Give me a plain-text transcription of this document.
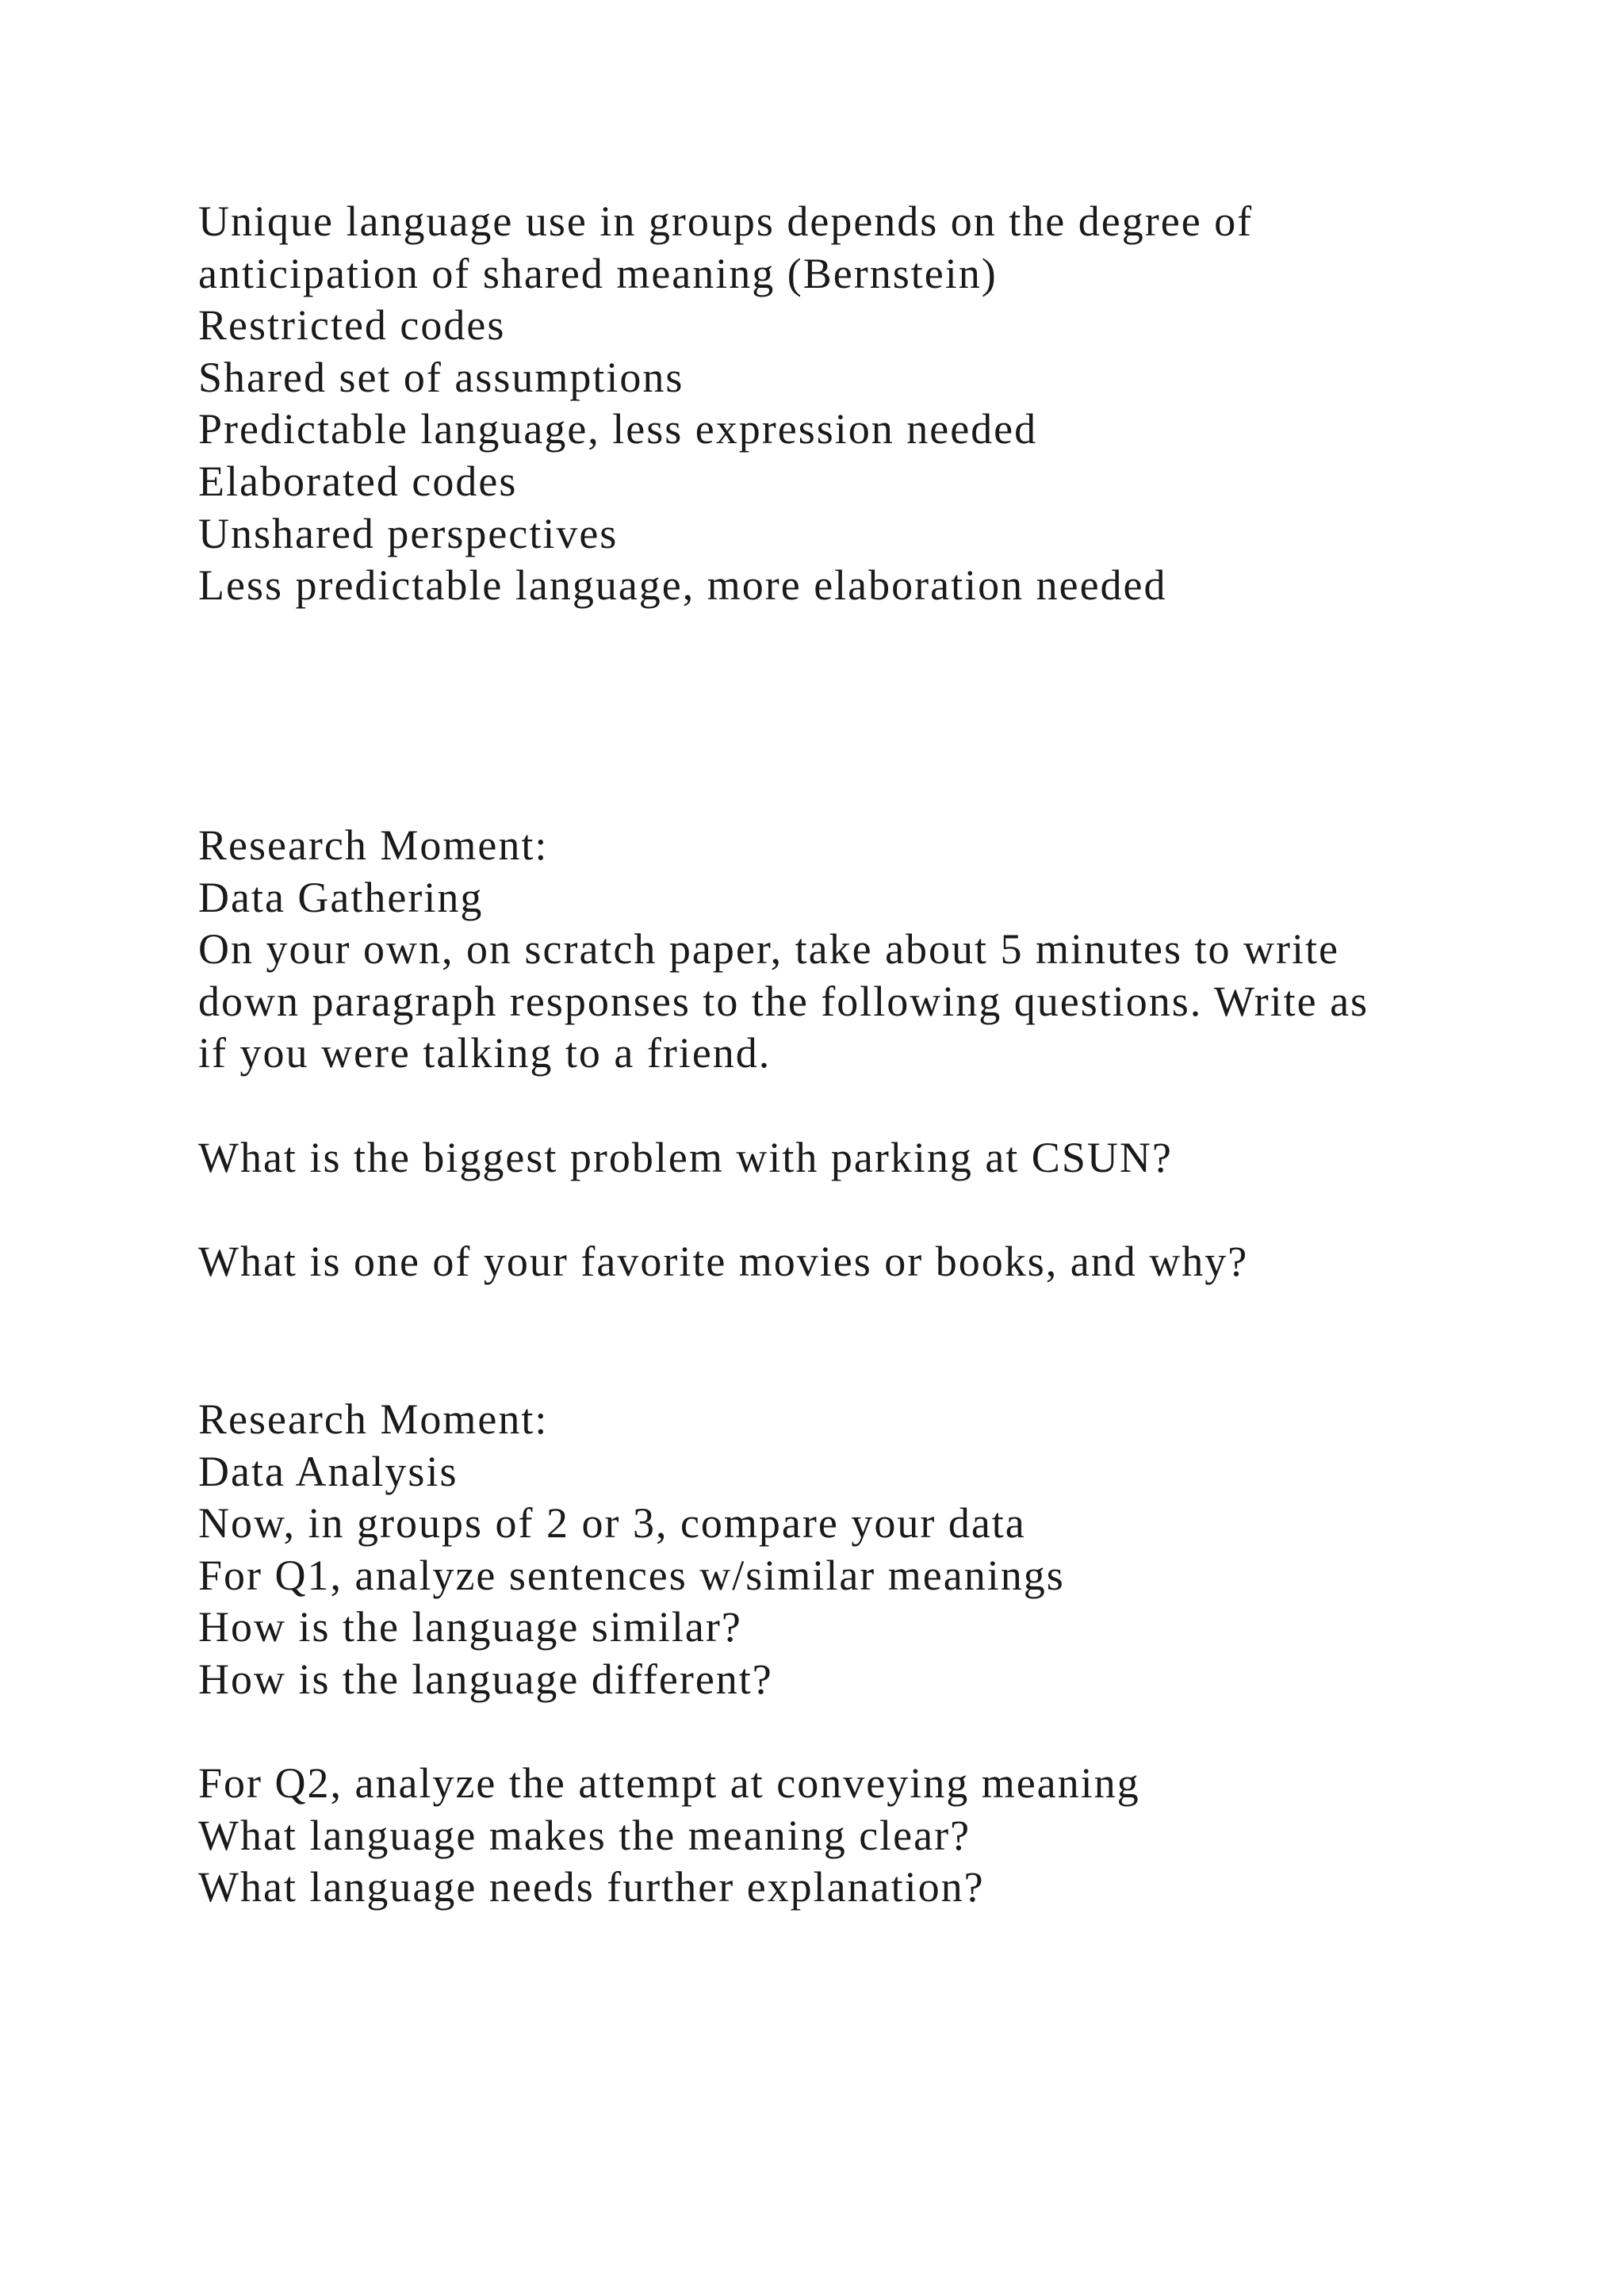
Unique language use in groups depends on the degree of
anticipation of shared meaning (Bernstein)
Restricted codes
Shared set of assumptions
Predictable language, less expression needed
Elaborated codes
Unshared perspectives
Less predictable language, more elaboration needed
Research Moment:
Data Gathering
On your own, on scratch paper, take about 5 minutes to write
down paragraph responses to the following questions. Write as
if you were talking to a friend.
What is the biggest problem with parking at CSUN?
What is one of your favorite movies or books, and why?
Research Moment:
Data Analysis
Now, in groups of 2 or 3, compare your data
For Q1, analyze sentences w/similar meanings
How is the language similar?
How is the language different?
For Q2, analyze the attempt at conveying meaning
What language makes the meaning clear?
What language needs further explanation?
